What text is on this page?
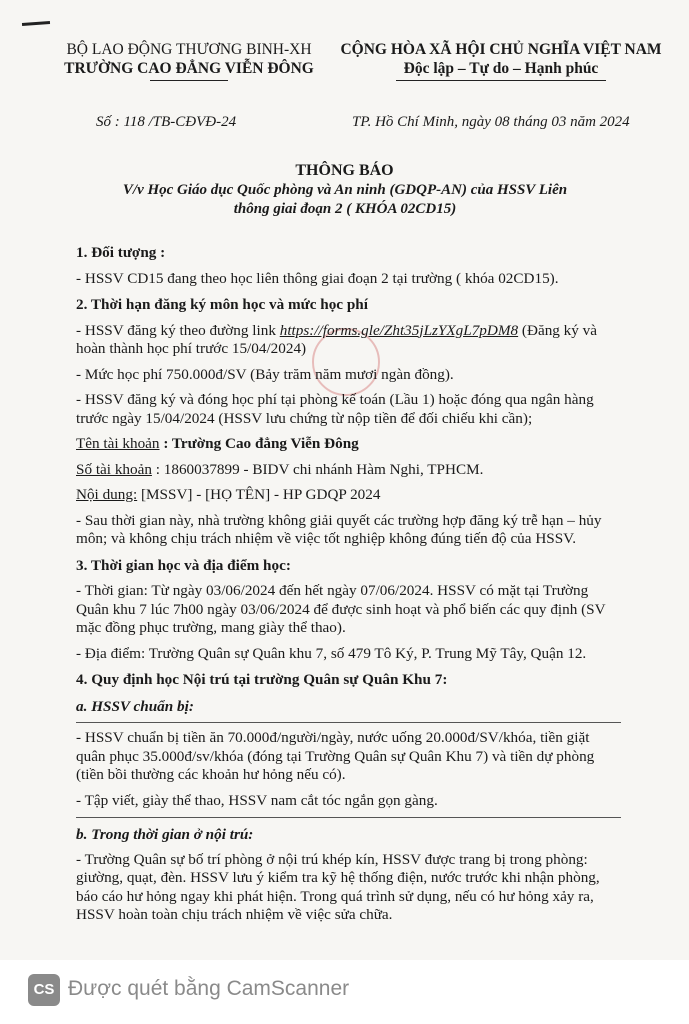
BỘ LAO ĐỘNG THƯƠNG BINH-XH
TRƯỜNG CAO ĐẲNG VIỄN ĐÔNG
CỘNG HÒA XÃ HỘI CHỦ NGHĨA VIỆT NAM
Độc lập – Tự do – Hạnh phúc
Số : 118 /TB-CĐVĐ-24	TP. Hồ Chí Minh, ngày 08 tháng 03 năm 2024
THÔNG BÁO
V/v Học Giáo dục Quốc phòng và An ninh (GDQP-AN) của HSSV Liên thông giai đoạn 2 ( KHÓA 02CD15)
1. Đối tượng :

- HSSV CD15 đang theo học liên thông giai đoạn 2 tại trường ( khóa 02CD15).

2. Thời hạn đăng ký môn học và mức học phí

- HSSV đăng ký theo đường link https://forms.gle/Zht35jLzYXgL7pDM8 (Đăng ký và hoàn thành học phí trước 15/04/2024)

- Mức học phí 750.000đ/SV (Bảy trăm năm mươi ngàn đồng).

- HSSV đăng ký và đóng học phí tại phòng kế toán (Lầu 1) hoặc đóng qua ngân hàng trước ngày 15/04/2024 (HSSV lưu chứng từ nộp tiền để đối chiếu khi cần);

Tên tài khoản : Trường Cao đẳng Viễn Đông

Số tài khoản : 1860037899 - BIDV chi nhánh Hàm Nghi, TPHCM.

Nội dung: [MSSV] - [HỌ TÊN] - HP GDQP 2024

- Sau thời gian này, nhà trường không giải quyết các trường hợp đăng ký trễ hạn – hủy môn; và không chịu trách nhiệm về việc tốt nghiệp không đúng tiến độ của HSSV.

3. Thời gian học và địa điểm học:

- Thời gian: Từ ngày 03/06/2024 đến hết ngày 07/06/2024. HSSV có mặt tại Trường Quân khu 7 lúc 7h00 ngày 03/06/2024 để được sinh hoạt và phổ biến các quy định (SV mặc đồng phục trường, mang giày thể thao).

- Địa điểm: Trường Quân sự Quân khu 7, số 479 Tô Ký, P. Trung Mỹ Tây, Quận 12.

4. Quy định học Nội trú tại trường Quân sự Quân Khu 7:
a. HSSV chuẩn bị:

- HSSV chuẩn bị tiền ăn 70.000đ/người/ngày, nước uống 20.000đ/SV/khóa, tiền giặt quân phục 35.000đ/sv/khóa (đóng tại Trường Quân sự Quân Khu 7) và tiền dự phòng (tiền bồi thường các khoản hư hỏng nếu có).

- Tập viết, giày thể thao, HSSV nam cắt tóc ngắn gọn gàng.

b. Trong thời gian ở nội trú:

- Trường Quân sự bố trí phòng ở nội trú khép kín, HSSV được trang bị trong phòng: giường, quạt, đèn. HSSV lưu ý kiểm tra kỹ hệ thống điện, nước trước khi nhận phòng, báo cáo hư hỏng ngay khi phát hiện. Trong quá trình sử dụng, nếu có hư hỏng xảy ra, HSSV hoàn toàn chịu trách nhiệm về việc sửa chữa.

CS Được quét bằng CamScanner
